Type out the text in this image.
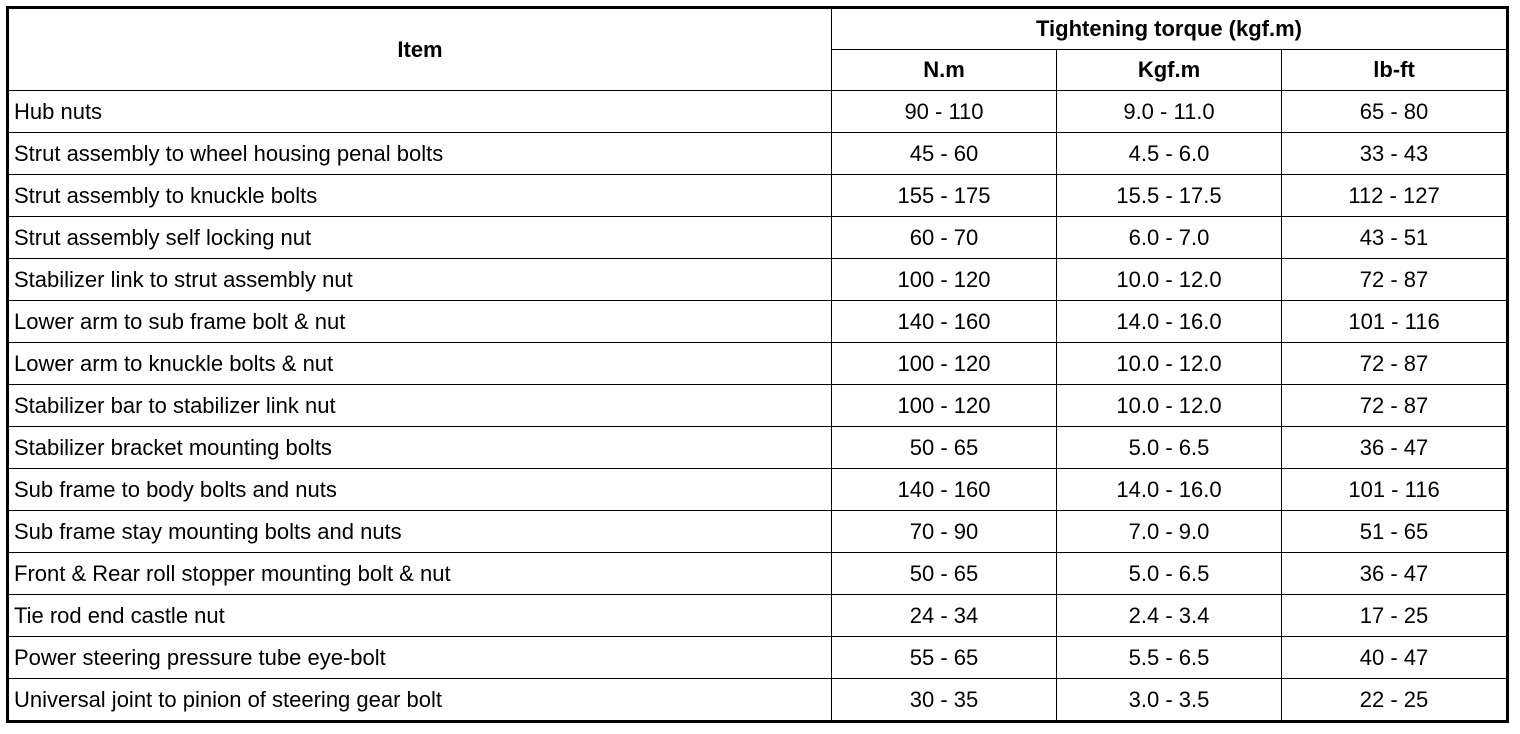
Item	Tightening torque (kgf.m)		
	N.m	Kgf.m	lb-ft
Hub nuts	90 - 110	9.0 - 11.0	65 - 80
Strut assembly to wheel housing penal bolts	45 - 60	4.5 - 6.0	33 - 43
Strut assembly to knuckle bolts	155 - 175	15.5 - 17.5	112 - 127
Strut assembly self locking nut	60 - 70	6.0 - 7.0	43 - 51
Stabilizer link to strut assembly nut	100 - 120	10.0 - 12.0	72 - 87
Lower arm to sub frame bolt & nut	140 - 160	14.0 - 16.0	101 - 116
Lower arm to knuckle bolts & nut	100 - 120	10.0 - 12.0	72 - 87
Stabilizer bar to stabilizer link nut	100 - 120	10.0 - 12.0	72 - 87
Stabilizer bracket mounting bolts	50 - 65	5.0 - 6.5	36 - 47
Sub frame to body bolts and nuts	140 - 160	14.0 - 16.0	101 - 116
Sub frame stay mounting bolts and nuts	70 - 90	7.0 - 9.0	51 - 65
Front & Rear roll stopper mounting bolt & nut	50 - 65	5.0 - 6.5	36 - 47
Tie rod end castle nut	24 - 34	2.4 - 3.4	17 - 25
Power steering pressure tube eye-bolt	55 - 65	5.5 - 6.5	40 - 47
Universal joint to pinion of steering gear bolt	30 - 35	3.0 - 3.5	22 - 25
